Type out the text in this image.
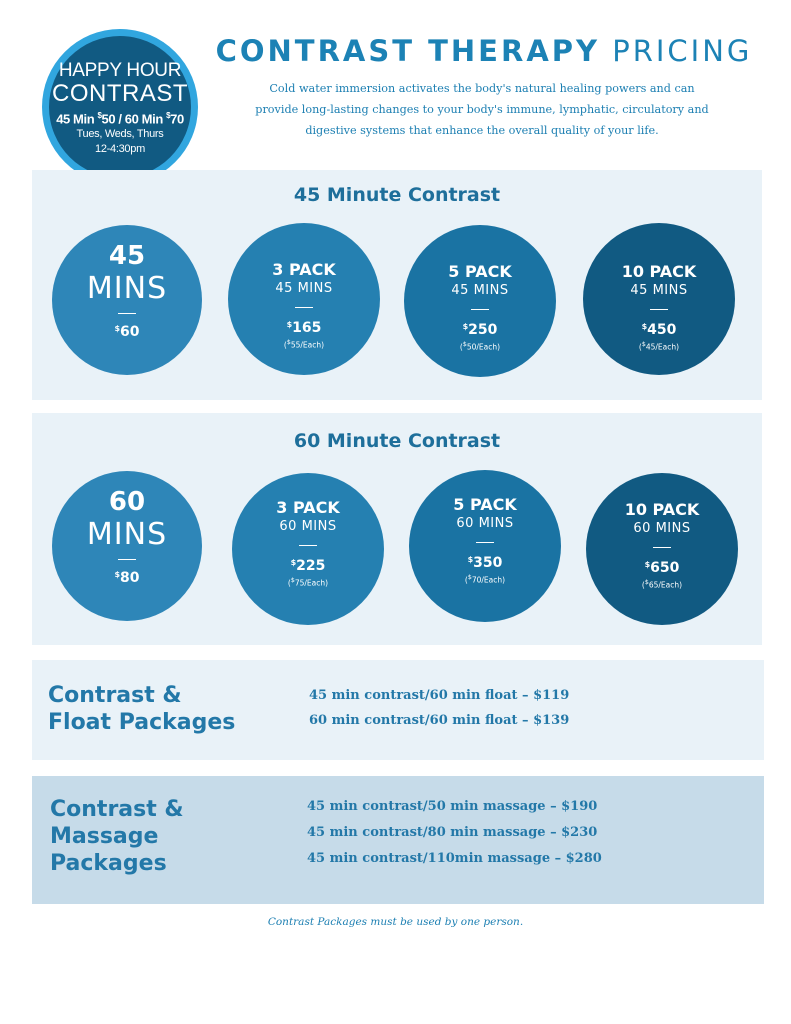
HAPPY HOUR
CONTRAST
45 Min $50 / 60 Min $70
Tues, Weds, Thurs
12-4:30pm
CONTRAST THERAPY PRICING
Cold water immersion activates the body's natural healing powers and can provide long-lasting changes to your body's immune, lymphatic, circulatory and digestive systems that enhance the overall quality of your life.
45 Minute Contrast
45
MINS
$60
3 PACK
45 MINS
$165
($55/Each)
5 PACK
45 MINS
$250
($50/Each)
10 PACK
45 MINS
$450
($45/Each)
60 Minute Contrast
60
MINS
$80
3 PACK
60 MINS
$225
($75/Each)
5 PACK
60 MINS
$350
($70/Each)
10 PACK
60 MINS
$650
($65/Each)
Contrast &
Float Packages
45 min contrast/60 min float – $119
60 min contrast/60 min float – $139
Contrast &
Massage
Packages
45 min contrast/50 min massage – $190
45 min contrast/80 min massage – $230
45 min contrast/110min massage – $280
Contrast Packages must be used by one person.
